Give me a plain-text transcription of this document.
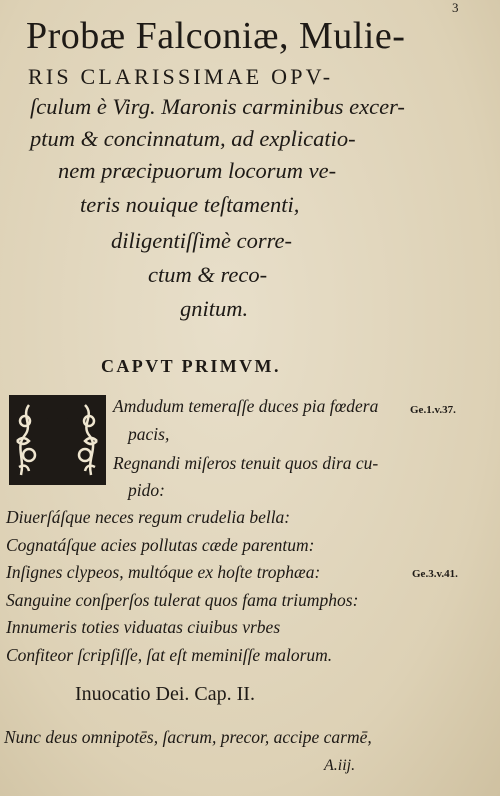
3
Probæ Falconiæ, Mulie-
RIS CLARISSIMAE OPV-
ſculum è Virg. Maronis carminibus excer-
ptum & concinnatum, ad explicatio-
nem præcipuorum locorum ve-
teris nouique teſtamenti,
diligentiſſimè corre-
ctum & reco-
gnitum.
CAPVT PRIMVM.
I	Amdudum temeraſſe duces pia fœdera
pacis,
Regnandi miſeros tenuit quos dira cu-
pido:
Diuerſáſque neces regum crudelia bella:
Cognatáſque acies pollutas cæde parentum:
Inſignes clypeos, multóque ex hoſte trophæa:
Sanguine conſperſos tulerat quos fama triumphos:
Innumeris toties viduatas ciuibus vrbes
Confiteor ſcripſiſſe, ſat eſt meminiſſe malorum.
Ge.1.v.37.
Ge.3.v.41.
Inuocatio Dei. Cap. II.
Nunc deus omnipotēs, ſacrum, precor, accipe carmē,
A.iij.
